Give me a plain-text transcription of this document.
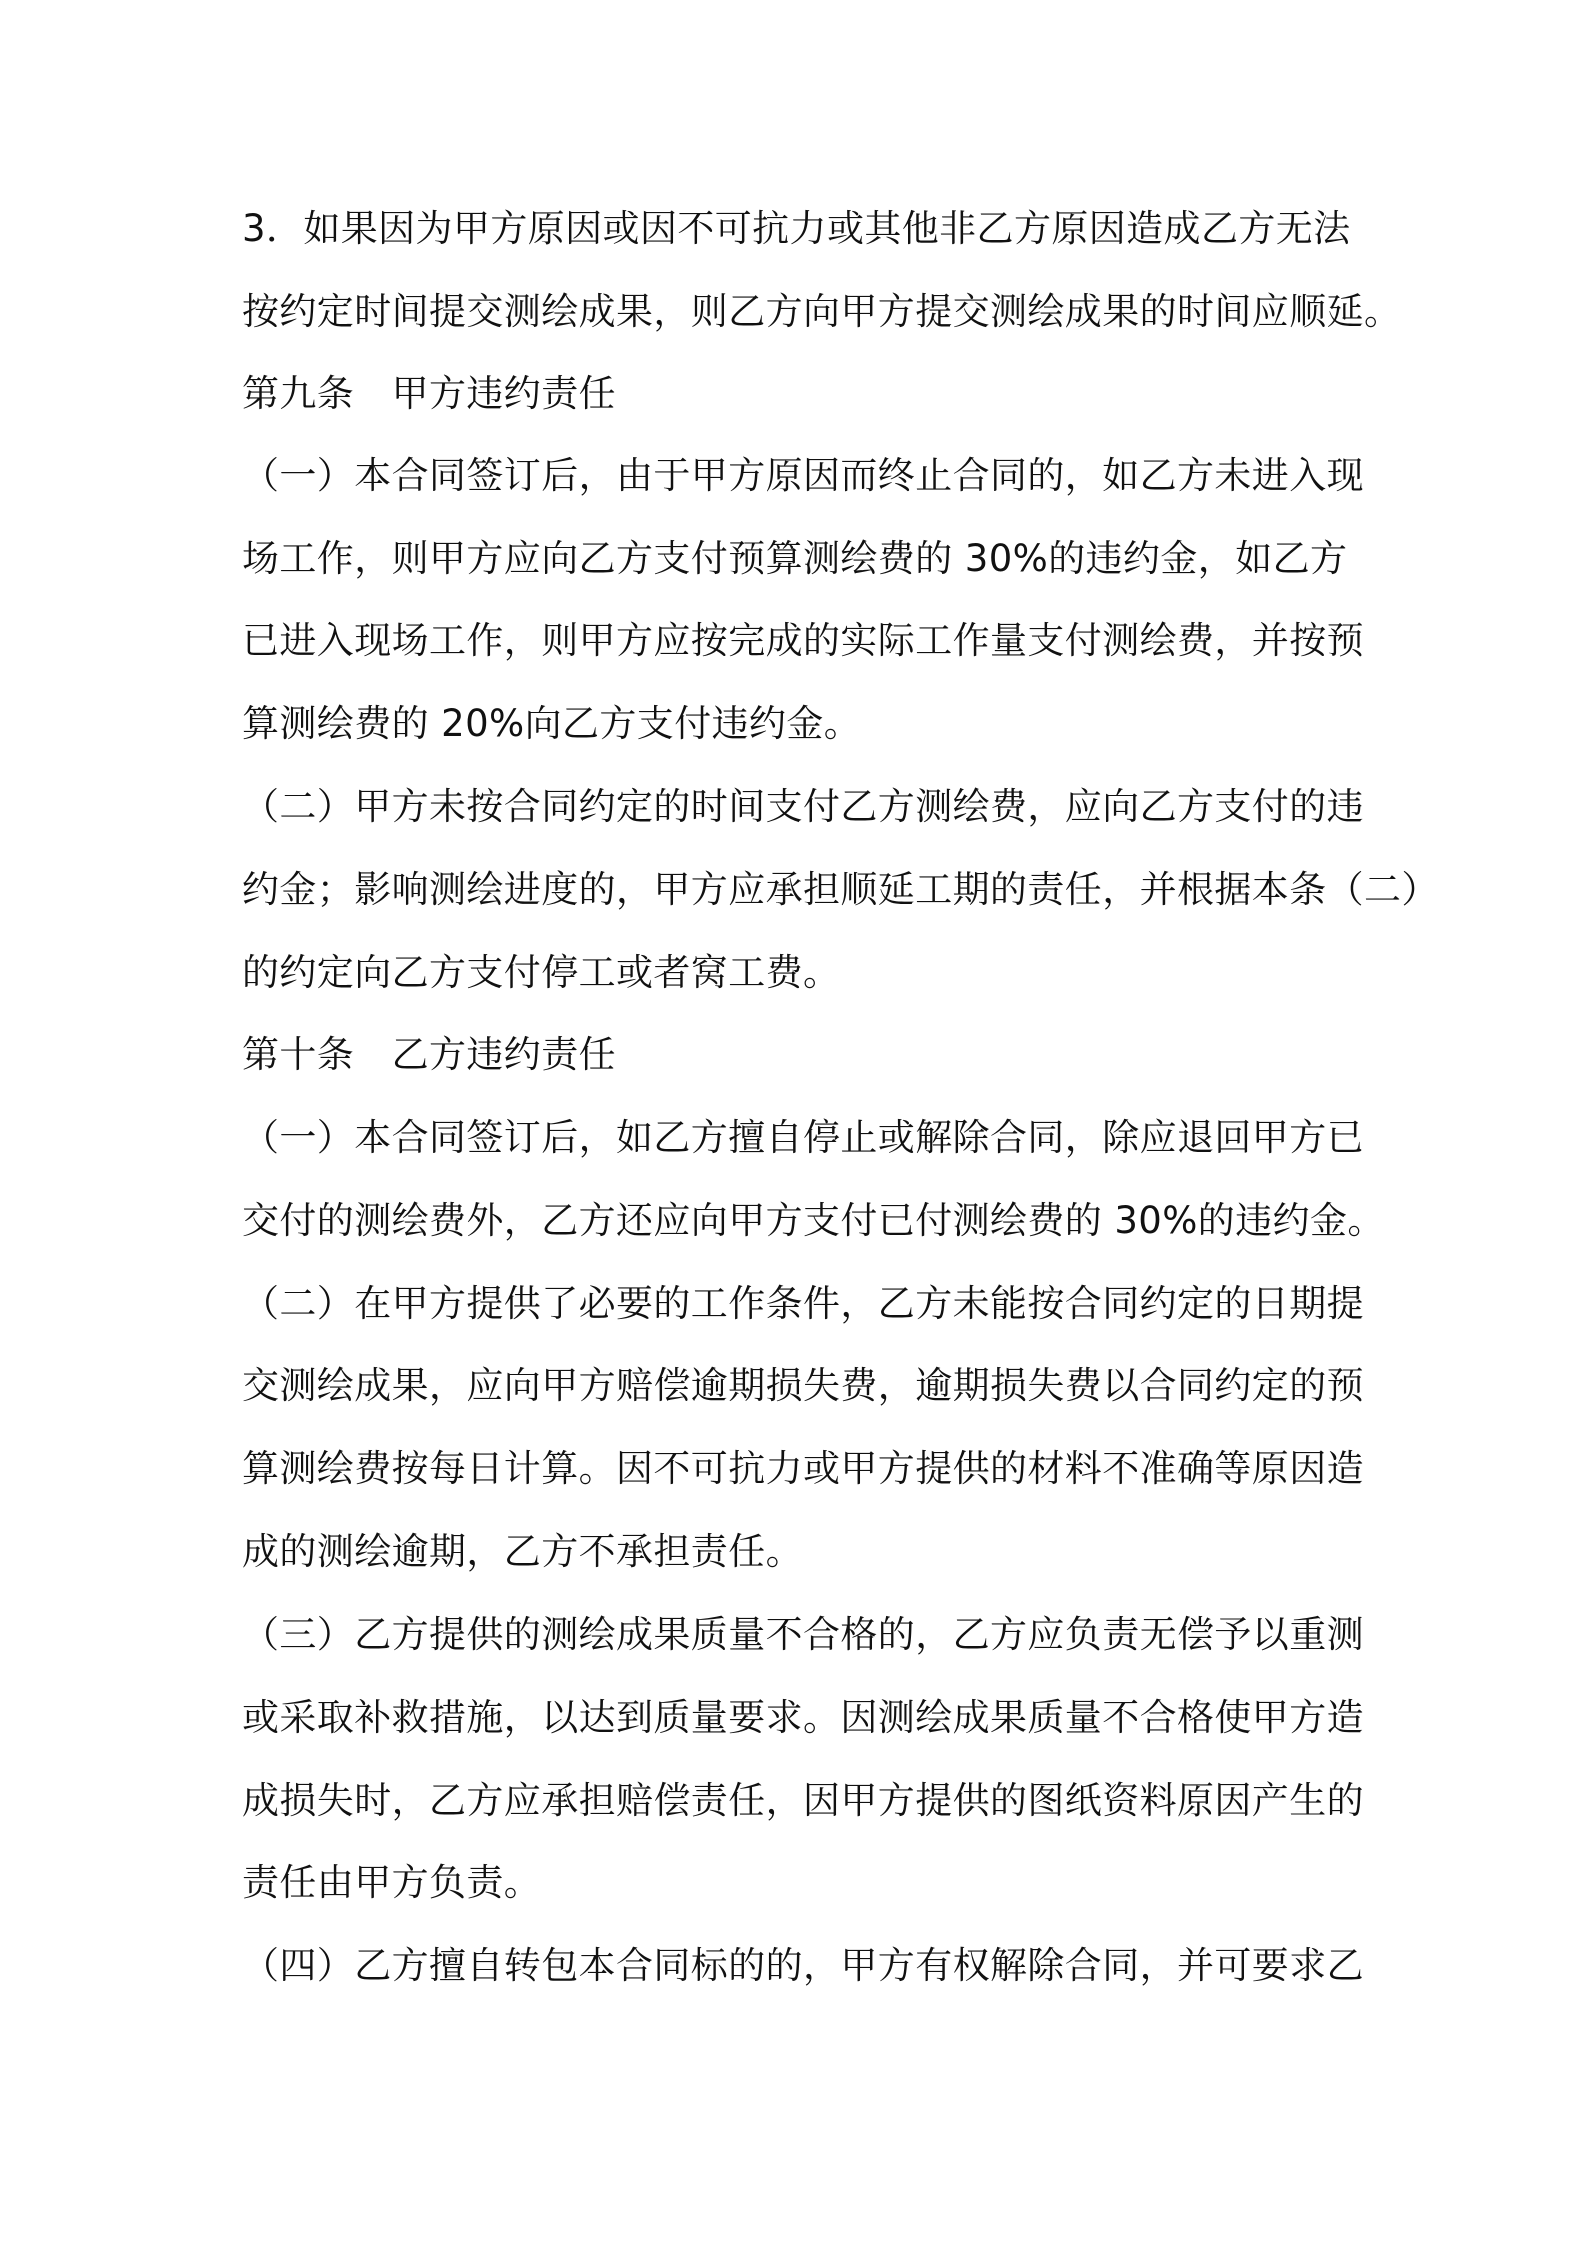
3．如果因为甲方原因或因不可抗力或其他非乙方原因造成乙方无法
按约定时间提交测绘成果，则乙方向甲方提交测绘成果的时间应顺延。
第九条　甲方违约责任
（一）本合同签订后，由于甲方原因而终止合同的，如乙方未进入现
场工作，则甲方应向乙方支付预算测绘费的 30%的违约金，如乙方
已进入现场工作，则甲方应按完成的实际工作量支付测绘费，并按预
算测绘费的 20%向乙方支付违约金。
（二）甲方未按合同约定的时间支付乙方测绘费，应向乙方支付的违
约金；影响测绘进度的，甲方应承担顺延工期的责任，并根据本条（二）
的约定向乙方支付停工或者窝工费。
第十条　乙方违约责任
（一）本合同签订后，如乙方擅自停止或解除合同，除应退回甲方已
交付的测绘费外，乙方还应向甲方支付已付测绘费的 30%的违约金。
（二）在甲方提供了必要的工作条件，乙方未能按合同约定的日期提
交测绘成果，应向甲方赔偿逾期损失费，逾期损失费以合同约定的预
算测绘费按每日计算。因不可抗力或甲方提供的材料不准确等原因造
成的测绘逾期，乙方不承担责任。
（三）乙方提供的测绘成果质量不合格的，乙方应负责无偿予以重测
或采取补救措施，以达到质量要求。因测绘成果质量不合格使甲方造
成损失时，乙方应承担赔偿责任，因甲方提供的图纸资料原因产生的
责任由甲方负责。
（四）乙方擅自转包本合同标的的，甲方有权解除合同，并可要求乙
